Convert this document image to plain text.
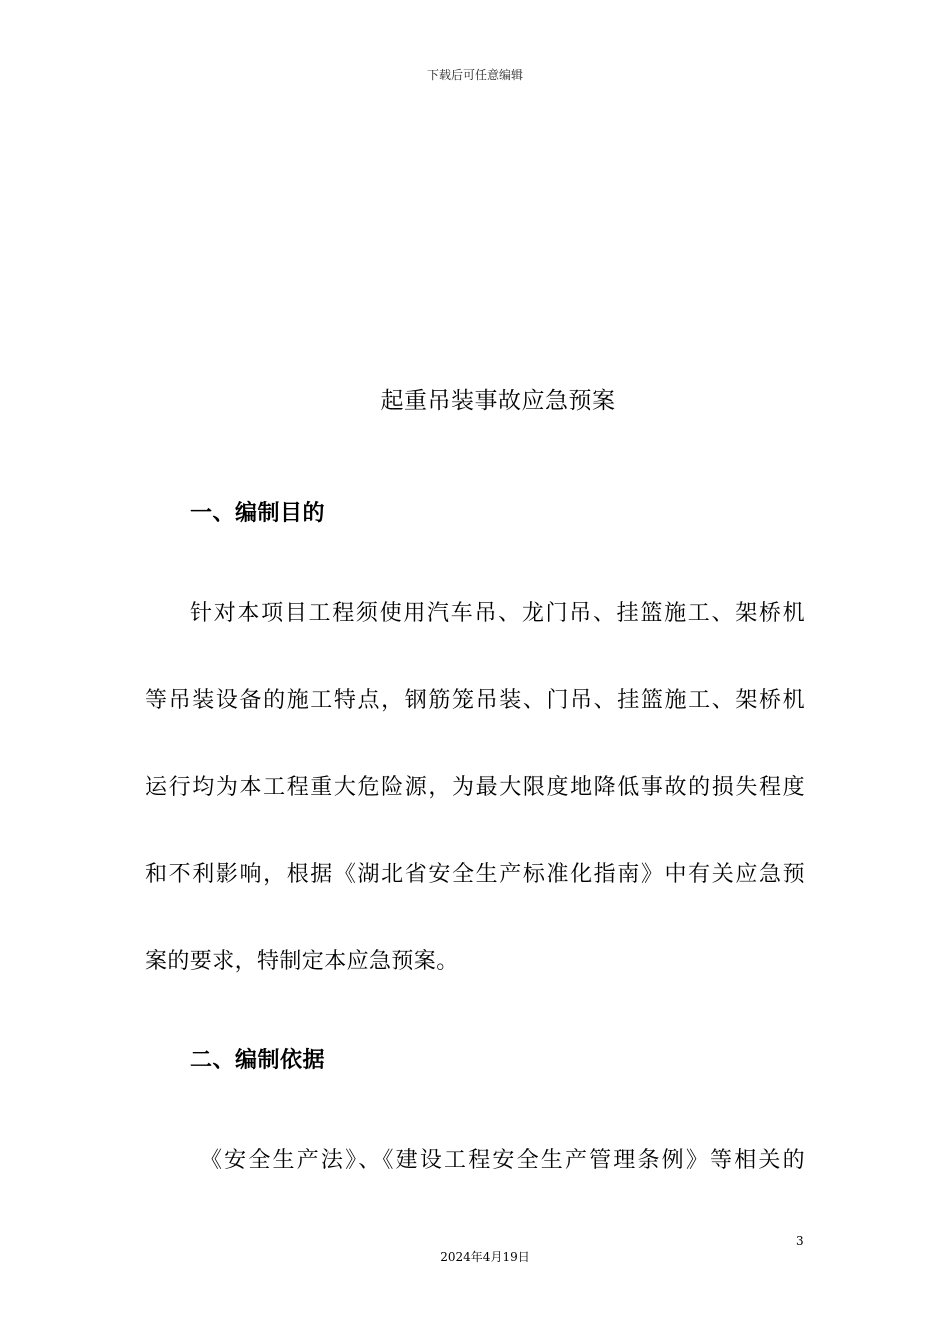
下载后可任意编辑
起重吊装事故应急预案
一、编制目的
针对本项目工程须使用汽车吊、龙门吊、挂篮施工、架桥机
等吊装设备的施工特点，钢筋笼吊装、门吊、挂篮施工、架桥机
运行均为本工程重大危险源，为最大限度地降低事故的损失程度
和不利影响，根据《湖北省安全生产标准化指南》中有关应急预
案的要求，特制定本应急预案。
二、编制依据
《安全生产法》、《建设工程安全生产管理条例》等相关的
3
2024年4月19日
